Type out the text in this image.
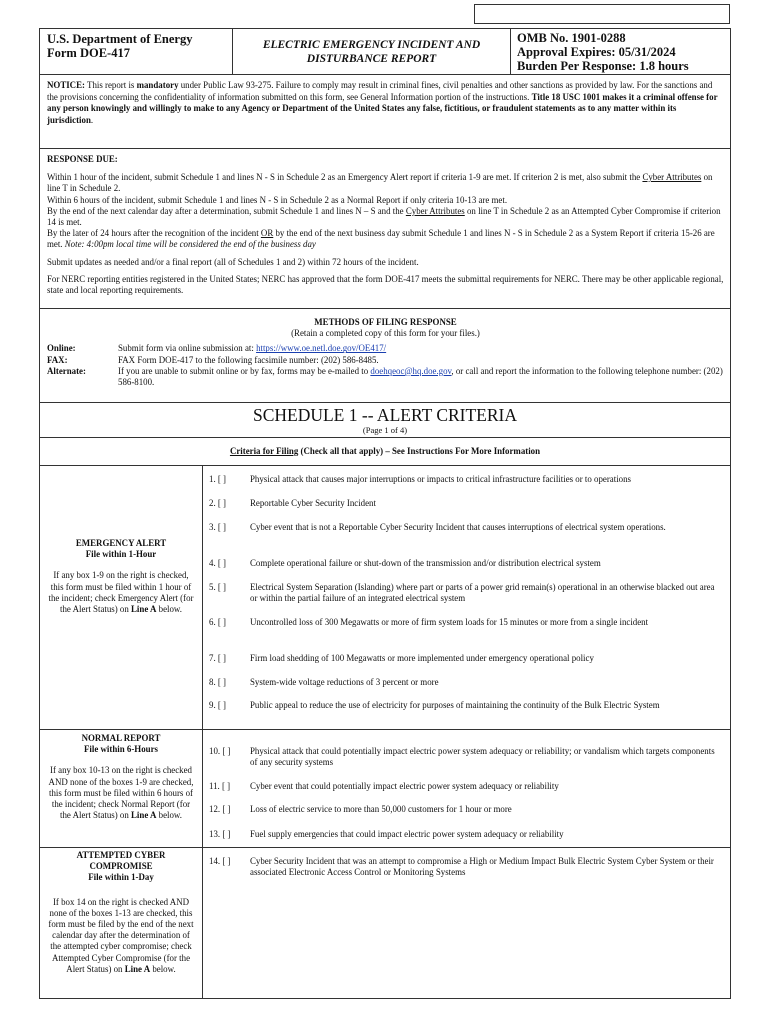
U.S. Department of Energy
Form DOE-417
ELECTRIC EMERGENCY INCIDENT AND DISTURBANCE REPORT
OMB No. 1901-0288
Approval Expires: 05/31/2024
Burden Per Response: 1.8 hours
NOTICE: This report is mandatory under Public Law 93-275. Failure to comply may result in criminal fines, civil penalties and other sanctions as provided by law. For the sanctions and the provisions concerning the confidentiality of information submitted on this form, see General Information portion of the instructions. Title 18 USC 1001 makes it a criminal offense for any person knowingly and willingly to make to any Agency or Department of the United States any false, fictitious, or fraudulent statements as to any matter within its jurisdiction.
RESPONSE DUE:

Within 1 hour of the incident, submit Schedule 1 and lines N - S in Schedule 2 as an Emergency Alert report if criteria 1-9 are met. If criterion 2 is met, also submit the Cyber Attributes on line T in Schedule 2.

Within 6 hours of the incident, submit Schedule 1 and lines N - S in Schedule 2 as a Normal Report if only criteria 10-13 are met.

By the end of the next calendar day after a determination, submit Schedule 1 and lines N – S and the Cyber Attributes on line T in Schedule 2 as an Attempted Cyber Compromise if criterion 14 is met.

By the later of 24 hours after the recognition of the incident OR by the end of the next business day submit Schedule 1 and lines N - S in Schedule 2 as a System Report if criteria 15-26 are met. Note: 4:00pm local time will be considered the end of the business day

Submit updates as needed and/or a final report (all of Schedules 1 and 2) within 72 hours of the incident.

For NERC reporting entities registered in the United States; NERC has approved that the form DOE-417 meets the submittal requirements for NERC. There may be other applicable regional, state and local reporting requirements.

METHODS OF FILING RESPONSE
(Retain a completed copy of this form for your files.)
Online:	Submit form via online submission at: https://www.oe.netl.doe.gov/OE417/
FAX:	FAX Form DOE-417 to the following facsimile number: (202) 586-8485.
Alternate:	If you are unable to submit online or by fax, forms may be e-mailed to doehqeoc@hq.doe.gov, or call and report the information to the following telephone number: (202) 586-8100.
SCHEDULE 1 -- ALERT CRITERIA
(Page 1 of 4)
Criteria for Filing (Check all that apply) – See Instructions For More Information
EMERGENCY ALERT
File within 1-Hour
If any box 1-9 on the right is checked, this form must be filed within 1 hour of the incident; check Emergency Alert (for the Alert Status) on Line A below.
1. [ ]	Physical attack that causes major interruptions or impacts to critical infrastructure facilities or to operations
2. [ ]	Reportable Cyber Security Incident
3. [ ]	Cyber event that is not a Reportable Cyber Security Incident that causes interruptions of electrical system operations.
4. [ ]	Complete operational failure or shut-down of the transmission and/or distribution electrical system
5. [ ]	Electrical System Separation (Islanding) where part or parts of a power grid remain(s) operational in an otherwise blacked out area or within the partial failure of an integrated electrical system
6. [ ]	Uncontrolled loss of 300 Megawatts or more of firm system loads for 15 minutes or more from a single incident
7. [ ]	Firm load shedding of 100 Megawatts or more implemented under emergency operational policy
8. [ ]	System-wide voltage reductions of 3 percent or more
9. [ ]	Public appeal to reduce the use of electricity for purposes of maintaining the continuity of the Bulk Electric System
NORMAL REPORT
File within 6-Hours
If any box 10-13 on the right is checked AND none of the boxes 1-9 are checked, this form must be filed within 6 hours of the incident; check Normal Report (for the Alert Status) on Line A below.
10. [ ]	Physical attack that could potentially impact electric power system adequacy or reliability; or vandalism which targets components of any security systems
11. [ ]	Cyber event that could potentially impact electric power system adequacy or reliability
12. [ ]	Loss of electric service to more than 50,000 customers for 1 hour or more
13. [ ]	Fuel supply emergencies that could impact electric power system adequacy or reliability
ATTEMPTED CYBER COMPROMISE
File within 1-Day
If box 14 on the right is checked AND none of the boxes 1-13 are checked, this form must be filed by the end of the next calendar day after the determination of the attempted cyber compromise; check Attempted Cyber Compromise (for the Alert Status) on Line A below.
14. [ ]	Cyber Security Incident that was an attempt to compromise a High or Medium Impact Bulk Electric System Cyber System or their associated Electronic Access Control or Monitoring Systems
